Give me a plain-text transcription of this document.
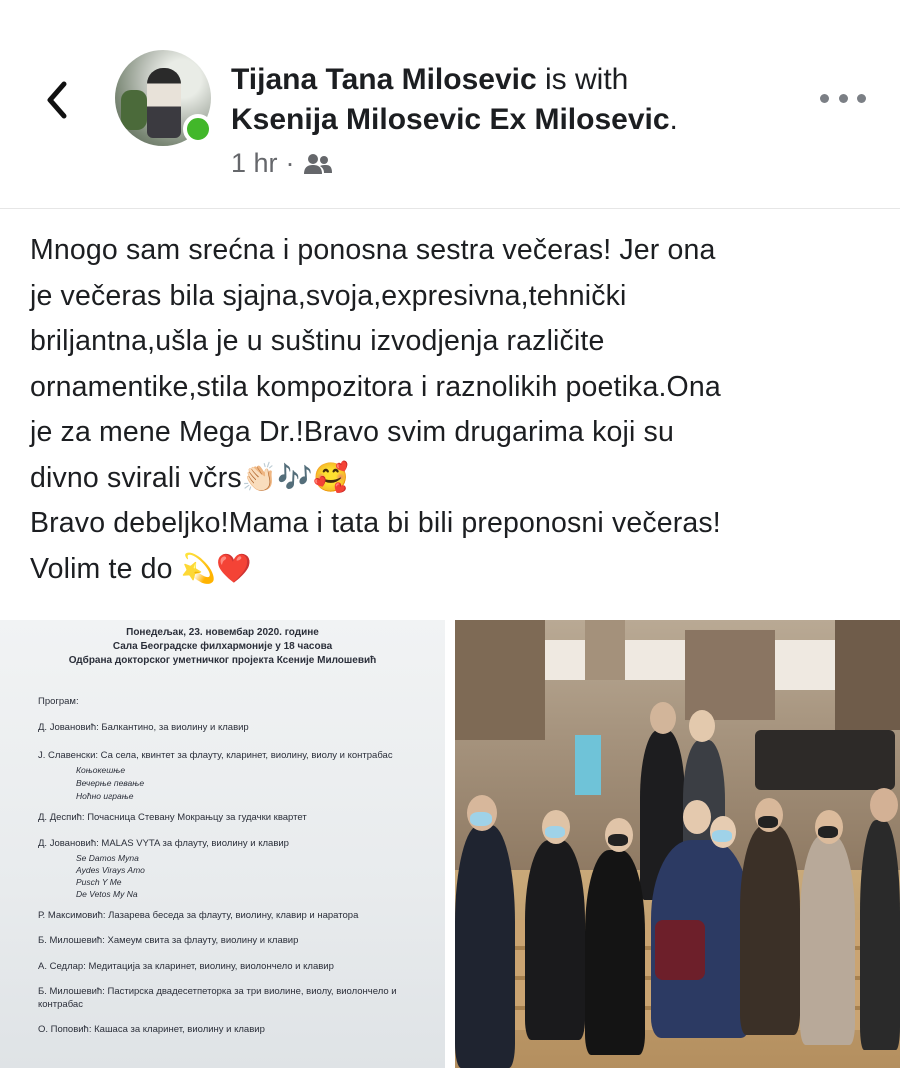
Tijana Tana Milosevic is with
Ksenija Milosevic Ex Milosevic.
1 hr ·
Mnogo sam srećna i ponosna sestra večeras! Jer ona
je večeras bila sjajna,svoja,expresivna,tehnički
briljantna,ušla je u suštinu izvodjenja različite
ornamentike,stila kompozitora i raznolikih poetika.Ona
je za mene Mega Dr.!Bravo svim drugarima koji su
divno svirali včrs👏🏻🎶🥰
Bravo debeljko!Mama i tata bi bili preponosni večeras!
Volim te do 💫❤️
Понедељак, 23. новембар 2020. године
Сала Београдске филхармоније у 18 часова
Одбрана докторског уметничког пројекта Ксеније Милошевић
Програм:
Д. Јовановић: Балкантино, за виолину и клавир
Ј. Славенски: Са села, квинтет за флауту, кларинет, виолину, виолу и контрабас
Коњокешње
Вечерње певање
Ноћно играње
Д. Деспић: Почасница Стевану Мокрањцу за гудачки квартет
Д. Јовановић: MALAS VYTA за флауту, виолину и клавир
Se Damos Myna
Aydes Virays Amo
Pusch Y Me
De Vetos My Na
Р. Максимовић: Лазарева беседа за флауту, виолину, клавир и наратора
Б. Милошевић: Хамеум свита за флауту, виолину и клавир
А. Седлар: Медитација за кларинет, виолину, виолончело и клавир
Б. Милошевић: Пастирска двадесетпеторка за три виолине, виолу, виолончело и
контрабас
О. Поповић: Кашаса за кларинет, виолину и клавир
